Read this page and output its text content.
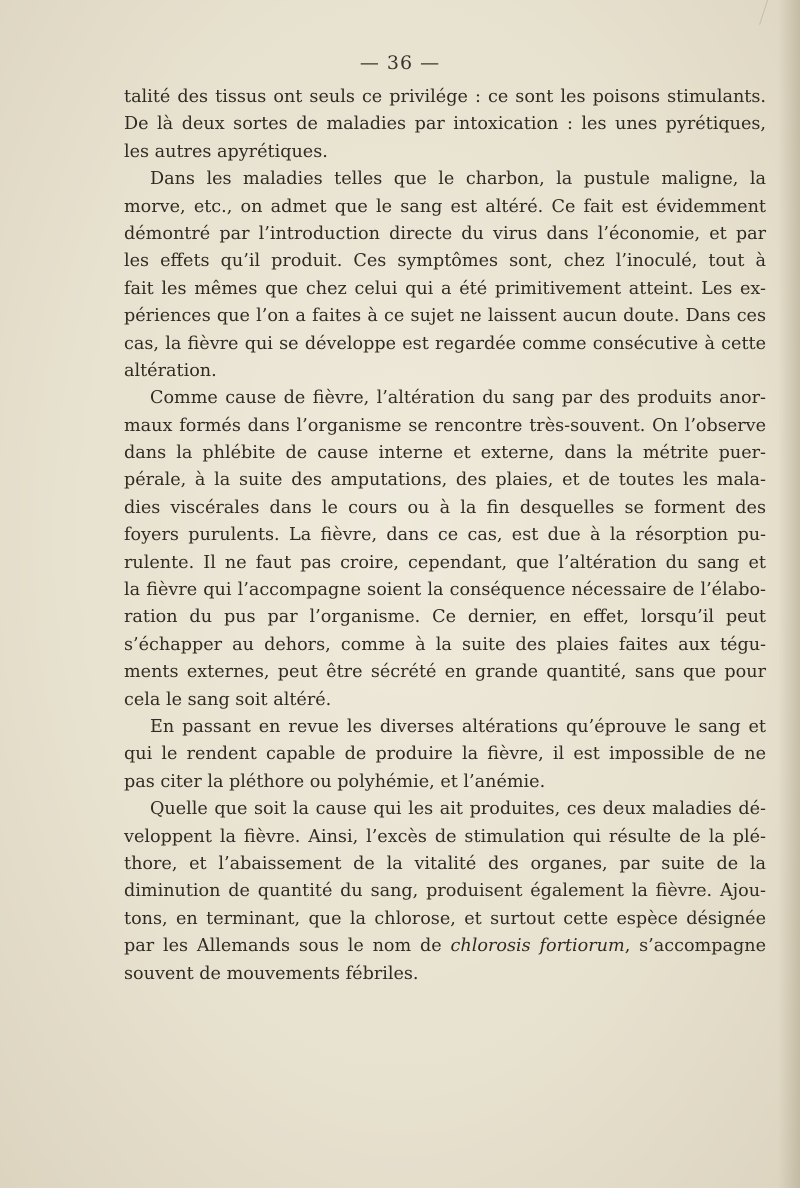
— 36 —
talité des tissus ont seuls ce privilége : ce sont les poisons stimulants.
De là deux sortes de maladies par intoxication : les unes pyrétiques,
les autres apyrétiques.
Dans les maladies telles que le charbon, la pustule maligne, la
morve, etc., on admet que le sang est altéré. Ce fait est évidemment
démontré par l’introduction directe du virus dans l’économie, et par
les effets qu’il produit. Ces symptômes sont, chez l’inoculé, tout à
fait les mêmes que chez celui qui a été primitivement atteint. Les ex-
périences que l’on a faites à ce sujet ne laissent aucun doute. Dans ces
cas, la fièvre qui se développe est regardée comme consécutive à cette
altération.
Comme cause de fièvre, l’altération du sang par des produits anor-
maux formés dans l’organisme se rencontre très-souvent. On l’observe
dans la phlébite de cause interne et externe, dans la métrite puer-
pérale, à la suite des amputations, des plaies, et de toutes les mala-
dies viscérales dans le cours ou à la fin desquelles se forment des
foyers purulents. La fièvre, dans ce cas, est due à la résorption pu-
rulente. Il ne faut pas croire, cependant, que l’altération du sang et
la fièvre qui l’accompagne soient la conséquence nécessaire de l’élabo-
ration du pus par l’organisme. Ce dernier, en effet, lorsqu’il peut
s’échapper au dehors, comme à la suite des plaies faites aux tégu-
ments externes, peut être sécrété en grande quantité, sans que pour
cela le sang soit altéré.
En passant en revue les diverses altérations qu’éprouve le sang et
qui le rendent capable de produire la fièvre, il est impossible de ne
pas citer la pléthore ou polyhémie, et l’anémie.
Quelle que soit la cause qui les ait produites, ces deux maladies dé-
veloppent la fièvre. Ainsi, l’excès de stimulation qui résulte de la plé-
thore, et l’abaissement de la vitalité des organes, par suite de la
diminution de quantité du sang, produisent également la fièvre. Ajou-
tons, en terminant, que la chlorose, et surtout cette espèce désignée
par les Allemands sous le nom de chlorosis fortiorum, s’accompagne
souvent de mouvements fébriles.
